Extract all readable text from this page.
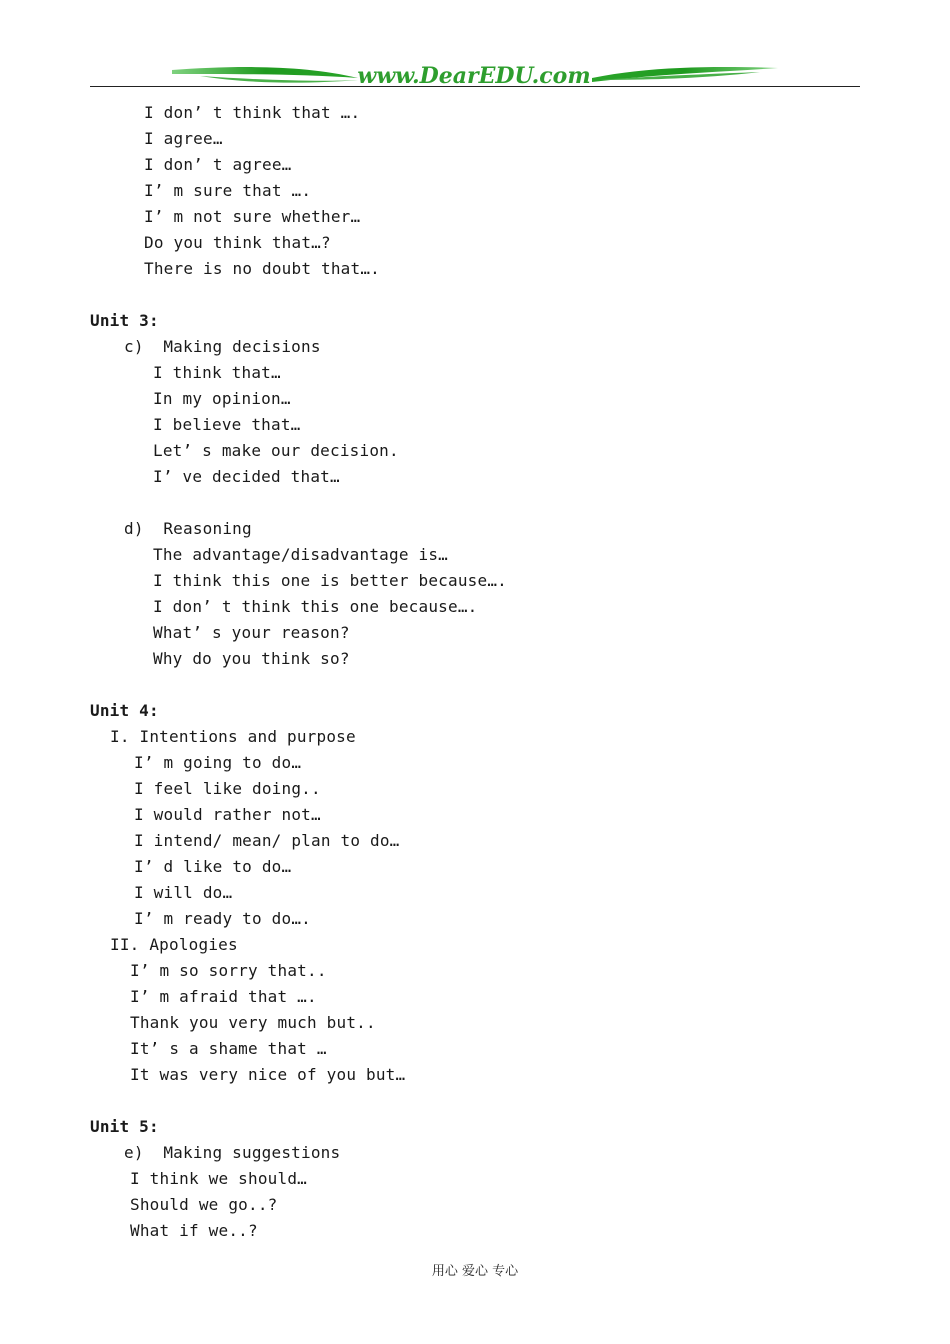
www.DearEDU.com
I don’ t think that ….
I agree…
I don’ t agree…
I’ m sure that ….
I’ m not sure whether…
Do you think that…?
There is no doubt that….
Unit 3:
c)  Making decisions
I think that…
In my opinion…
I believe that…
Let’ s make our decision.
I’ ve decided that…
d)  Reasoning
The advantage/disadvantage is…
I think this one is better because….
I don’ t think this one because….
What’ s your reason?
Why do you think so?
Unit 4:
I. Intentions and purpose
I’ m going to do…
I feel like doing..
I would rather not…
I intend/ mean/ plan to do…
I’ d like to do…
I will do…
I’ m ready to do….
II. Apologies
I’ m so sorry that..
I’ m afraid that ….
Thank you very much but..
It’ s a shame that …
It was very nice of you but…
Unit 5:
e)  Making suggestions
I think we should…
Should we go..?
What if we..?
用心 爱心 专心
